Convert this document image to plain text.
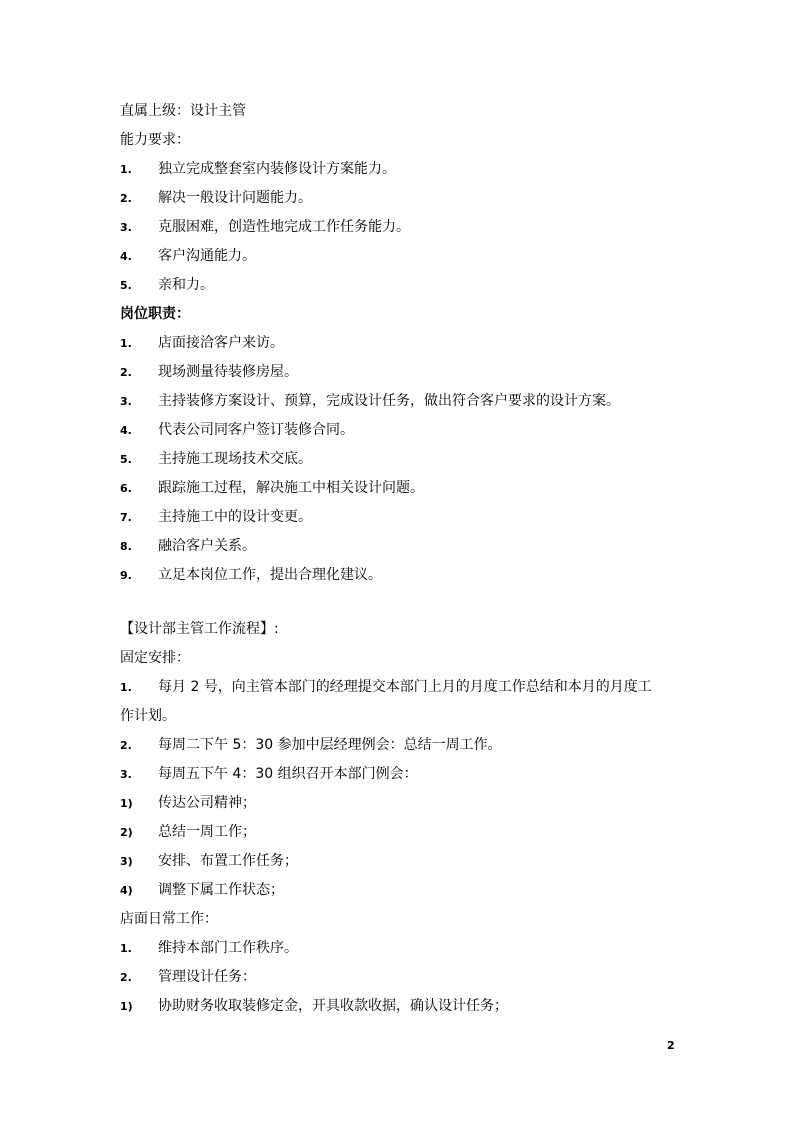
直属上级：设计主管
能力要求：
1.	独立完成整套室内装修设计方案能力。
2.	解决一般设计问题能力。
3.	克服困难，创造性地完成工作任务能力。
4.	客户沟通能力。
5.	亲和力。
岗位职责：
1.	店面接洽客户来访。
2.	现场测量待装修房屋。
3.	主持装修方案设计、预算，完成设计任务，做出符合客户要求的设计方案。
4.	代表公司同客户签订装修合同。
5.	主持施工现场技术交底。
6.	跟踪施工过程，解决施工中相关设计问题。
7.	主持施工中的设计变更。
8.	融洽客户关系。
9.	立足本岗位工作，提出合理化建议。
【设计部主管工作流程】:
固定安排：
1.	每月 2 号，向主管本部门的经理提交本部门上月的月度工作总结和本月的月度工
作计划。
2.	每周二下午 5：30 参加中层经理例会：总结一周工作。
3.	每周五下午 4：30 组织召开本部门例会：
1)	传达公司精神；
2)	总结一周工作；
3)	安排、布置工作任务；
4)	调整下属工作状态；
店面日常工作：
1.	维持本部门工作秩序。
2.	管理设计任务：
1)	协助财务收取装修定金，开具收款收据，确认设计任务；
2
